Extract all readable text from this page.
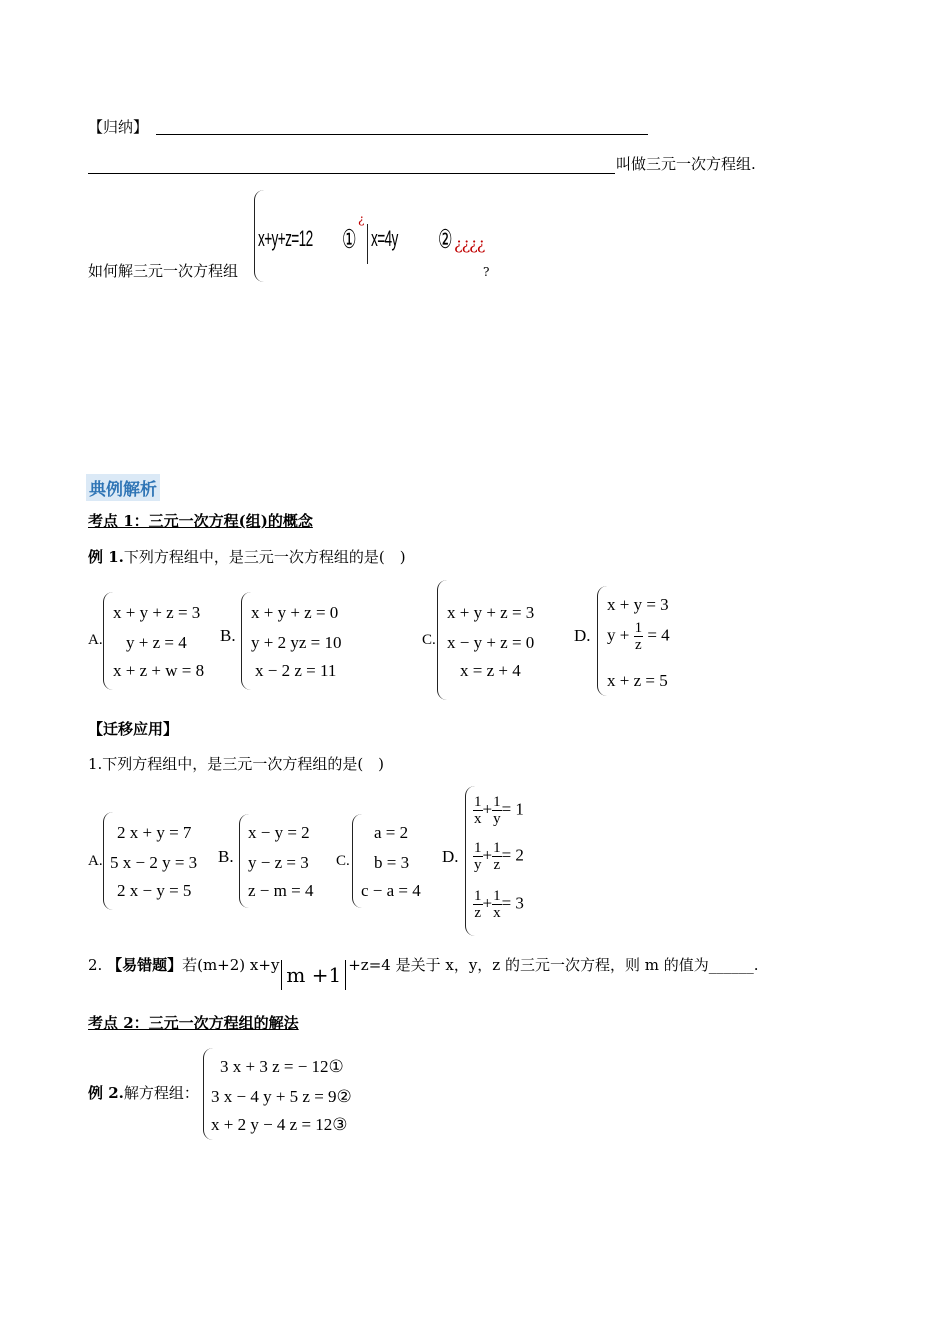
【归纳】
叫做三元一次方程组.
如何解三元一次方程组
x+y+z=12 ①
¿
x=4y ② ¿¿¿¿
?
典例解析
考点 1：三元一次方程(组)的概念
例 1.下列方程组中，是三元一次方程组的是(　)
A.
x + y + z = 3
y + z = 4
x + z + w = 8
B.
x + y + z = 0
y + 2 yz = 10
x − 2 z = 11
C.
x + y + z = 3
x − y + z = 0
x = z + 4
D.
x + y = 3
$y + \frac{1}{z} = 4$
x + z = 5
【迁移应用】
1.下列方程组中，是三元一次方程组的是(　)
A.
2 x + y = 7
5 x − 2 y = 3
2 x − y = 5
B.
x − y = 2
y − z = 3
z − m = 4
C.
a = 2
b = 3
c − a = 4
D.
$\frac{1}{x} + \frac{1}{y} = 1$
$\frac{1}{y} + \frac{1}{z} = 2$
$\frac{1}{z} + \frac{1}{x} = 3$
2. 【易错题】若(m+2) x+y m +1 +z=4 是关于 x，y，z 的三元一次方程，则 m 的值为______.
考点 2：三元一次方程组的解法
例 2.解方程组：
3 x + 3 z = − 12①
3 x − 4 y + 5 z = 9②
x + 2 y − 4 z = 12③
